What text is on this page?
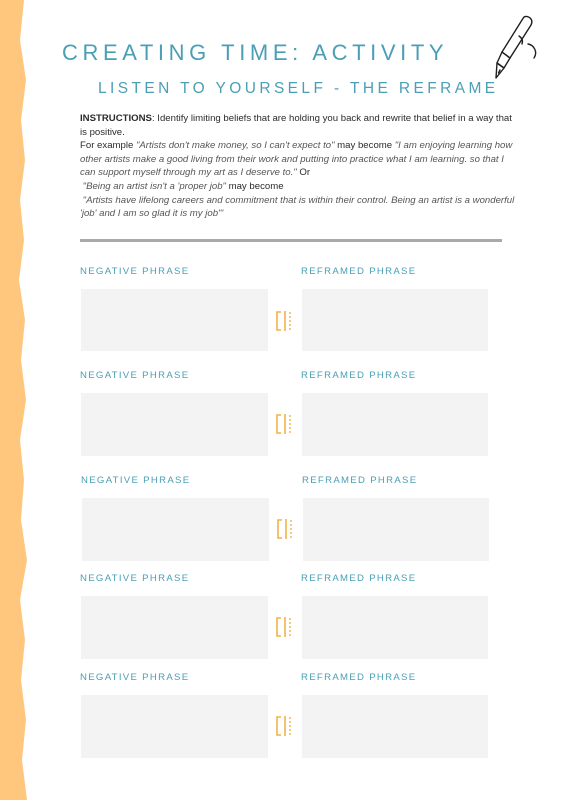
CREATING TIME: ACTIVITY
LISTEN TO YOURSELF - THE REFRAME

INSTRUCTIONS: Identify limiting beliefs that are holding you back and rewrite that belief in a way that is positive.

For example "Artists don't make money, so I can't expect to" may become "I am enjoying learning how other artists make a good living from their work and putting into practice what I am learning. so that I can support myself through my art as I deserve to." Or

"Being an artist isn't a 'proper job" may become

"Artists have lifelong careers and commitment that is within their control. Being an artist is a wonderful 'job' and I am so glad it is my job"'

NEGATIVE PHRASE	REFRAMED PHRASE
NEGATIVE PHRASE	REFRAMED PHRASE
NEGATIVE PHRASE	REFRAMED PHRASE
NEGATIVE PHRASE	REFRAMED PHRASE
NEGATIVE PHRASE	REFRAMED PHRASE
